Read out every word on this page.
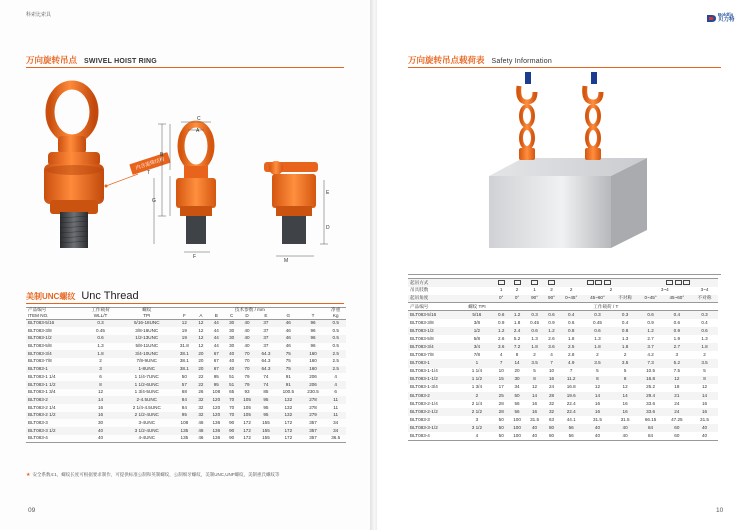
科索比索具
万向旋转吊点 SWIVEL HOIST RING
内含滚珠结构
C
A
B
T
G
F
E
D
M
美制UNC螺纹 Unc Thread
产品编号	工作载荷	螺纹	技术参数 / mm								净重
ITEM NO.	WLL/T	TPI	F	A	B	C	D	E	G	T	Kg
BLT083-5/16	0.3	5/16-18UNC	12	12	44	30	40	37	46	96	0.5
BLT083-3/8	0.45	3/8-16UNC	19	12	44	30	40	37	46	96	0.5
BLT083-1/2	0.6	1/2-13UNC	19	12	44	30	40	37	46	96	0.5
BLT083-5/8	1.3	5/8-11UNC	31.8	12	44	30	40	37	46	96	0.5
BLT083-3/4	1.8	3/4-10UNC	38.1	20	67	40	70	64.3	75	160	2.5
BLT083-7/8	2	7/8-9UNC	38.1	20	67	40	70	64.3	75	160	2.5
BLT083-1	3	1-8UNC	38.1	20	67	40	70	64.3	75	160	2.5
BLT083-1 1/4	6	1 1/4-7UNC	50	22	95	51	79	74	91	206	4
BLT083-1 1/2	8	1 1/2-6UNC	57	22	95	51	79	74	91	206	4
BLT083-1 3/4	12	1 3/4-5UNC	68	26	108	65	93	85	100.5	230.5	6
BLT083-2	14	2-4.5UNC	84	32	120	70	105	95	132	278	11
BLT083-2 1/4	16	2 1/4-4.5UNC	84	32	120	70	105	95	132	278	11
BLT083-2 1/2	16	2 1/2-4UNC	95	32	120	70	105	95	132	279	11
BLT083-3	30	3-4UNC	108	46	136	90	172	155	172	357	34
BLT083-3 1/2	40	3 1/2-4UNC	135	46	136	90	172	155	172	357	34
BLT083-4	40	4-4UNC	135	46	136	90	172	155	172	357	36.5
★ 安全系数4:1，螺纹长度可根据要求制作，可提供标准公制和英制螺纹，公制细牙螺纹，美制UNC,UNF螺纹，美制惠氏螺纹等
09
Boldfix
贝力特
万向旋转吊点载荷表 Safety Information
起吊方式											
吊具肢数		1	2	1	2	2	2		3~4		3~4
起吊角度		0°	0°	90°	90°	0~45°	45~60°	不对称	0~45°	45~60°	不对称
产品编号	螺纹 TPI	工作载荷 / T									
BLT083-5/16	5/16	0.6	1.2	0.3	0.6	0.4	0.3	0.3	0.6	0.4	0.3
BLT083-3/8	3/8	0.9	1.8	0.45	0.9	0.6	0.45	0.4	0.9	0.6	0.4
BLT083-1/2	1/2	1.2	2.4	0.6	1.2	0.8	0.6	0.8	1.2	0.9	0.6
BLT083-5/8	5/8	2.6	5.2	1.3	2.6	1.8	1.3	1.3	2.7	1.9	1.3
BLT083-3/4	3/4	3.6	7.2	1.8	3.6	2.5	1.8	1.8	3.7	2.7	1.8
BLT083-7/8	7/8	4	8	2	4	2.8	2	2	4.2	3	2
BLT083-1	1	7	14	3.5	7	4.9	3.5	3.5	7.3	5.2	3.5
BLT083-1-1/4	1 1/4	10	20	5	10	7	5	5	10.5	7.5	5
BLT083-1-1/2	1 1/2	15	30	8	16	11.2	8	8	16.8	12	8
BLT083-1-3/4	1 3/4	17	34	12	24	16.8	12	12	25.2	18	12
BLT083-2	2	25	50	14	28	19.6	14	14	29.4	21	14
BLT083-2-1/4	2 1/4	28	56	16	32	22.4	16	16	33.6	24	16
BLT083-2-1/2	2 1/2	28	56	16	32	22.4	16	16	33.6	24	16
BLT083-3	3	50	100	31.5	63	44.1	31.5	31.5	66.15	47.25	31.5
BLT083-3-1/2	3 1/2	50	100	40	80	56	40	40	84	60	40
BLT083-4	4	50	100	40	80	56	40	40	84	60	40
10
